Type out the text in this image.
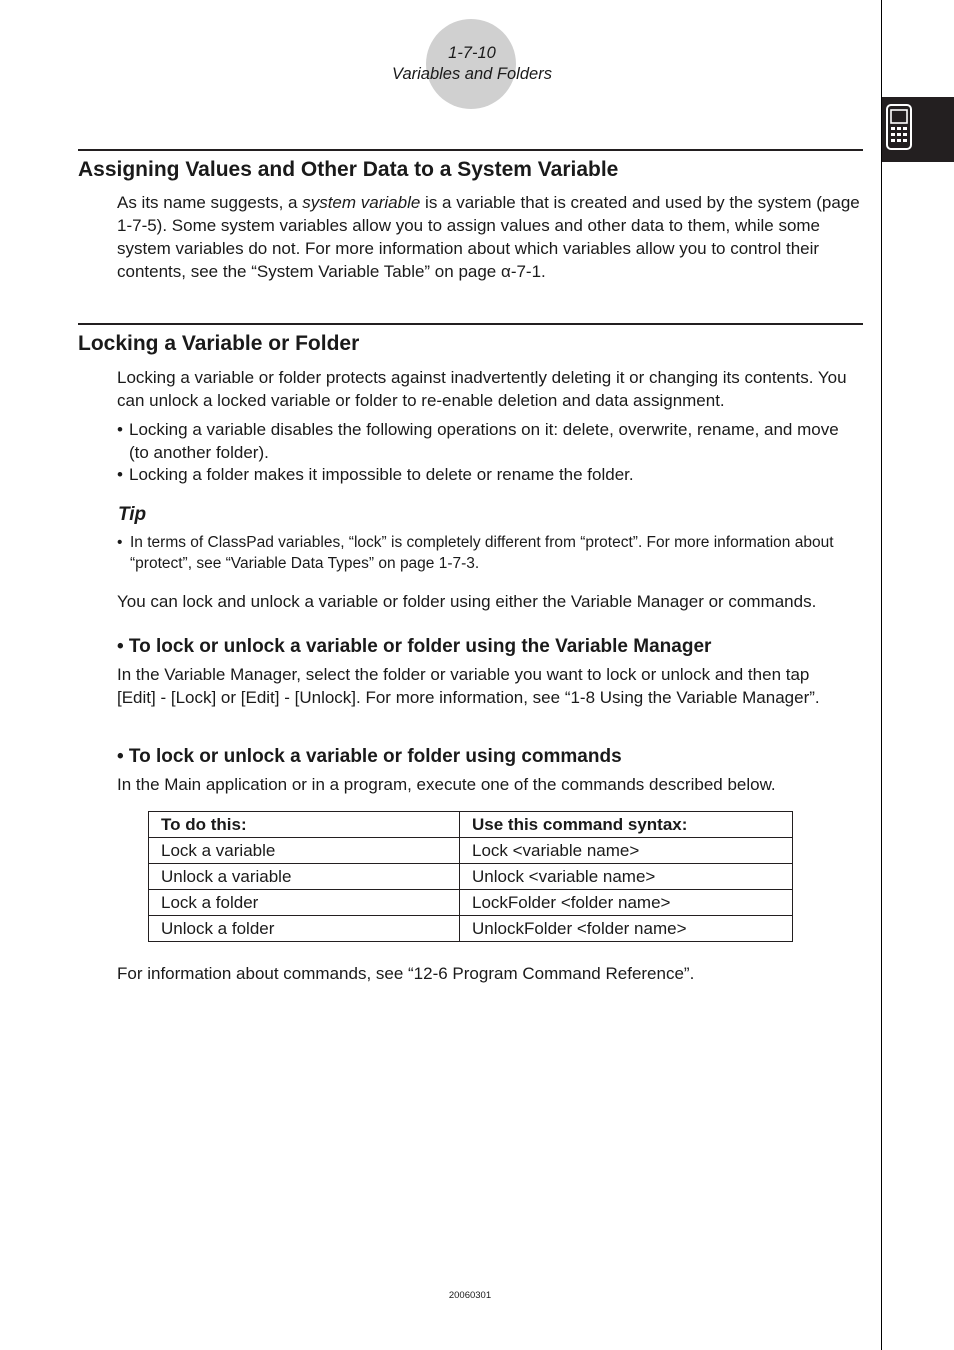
1-7-10
Variables and Folders
Assigning Values and Other Data to a System Variable

As its name suggests, a system variable is a variable that is created and used by the system (page 1-7-5). Some system variables allow you to assign values and other data to them, while some system variables do not. For more information about which variables allow you to control their contents, see the “System Variable Table” on page α-7-1.

Locking a Variable or Folder

Locking a variable or folder protects against inadvertently deleting it or changing its contents. You can unlock a locked variable or folder to re-enable deletion and data assignment.

• Locking a variable disables the following operations on it: delete, overwrite, rename, and move (to another folder).
• Locking a folder makes it impossible to delete or rename the folder.
Tip
• In terms of ClassPad variables, “lock” is completely different from “protect”. For more information about “protect”, see “Variable Data Types” on page 1-7-3.

You can lock and unlock a variable or folder using either the Variable Manager or commands.

• To lock or unlock a variable or folder using the Variable Manager

In the Variable Manager, select the folder or variable you want to lock or unlock and then tap [Edit] - [Lock] or [Edit] - [Unlock]. For more information, see “1-8 Using the Variable Manager”.

• To lock or unlock a variable or folder using commands

In the Main application or in a program, execute one of the commands described below.

To do this:	Use this command syntax:
Lock a variable	Lock <variable name>
Unlock a variable	Unlock <variable name>
Lock a folder	LockFolder <folder name>
Unlock a folder	UnlockFolder <folder name>

For information about commands, see “12-6 Program Command Reference”.

20060301
